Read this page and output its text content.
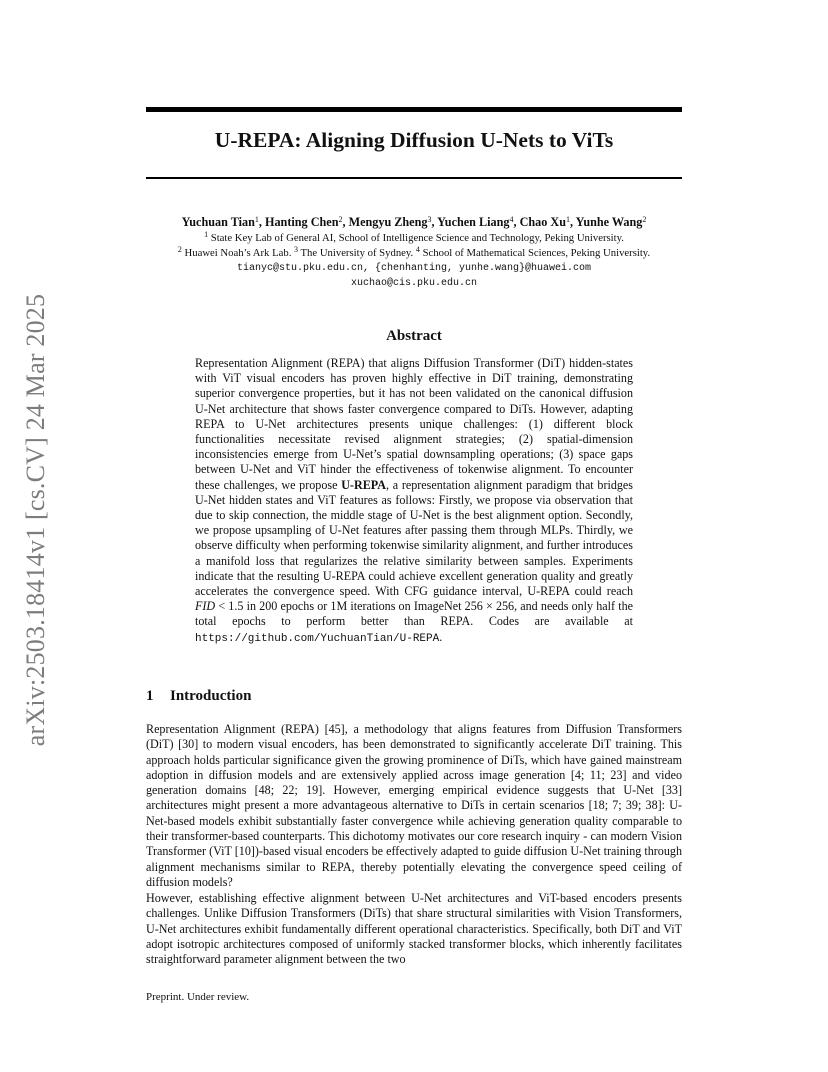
arXiv:2503.18414v1 [cs.CV] 24 Mar 2025
U-REPA: Aligning Diffusion U-Nets to ViTs
Yuchuan Tian$^1$, Hanting Chen$^2$, Mengyu Zheng$^3$, Yuchen Liang$^4$, Chao Xu$^1$, Yunhe Wang$^2$
$^1$ State Key Lab of General AI, School of Intelligence Science and Technology, Peking University.
$^2$ Huawei Noah’s Ark Lab. $^3$ The University of Sydney. $^4$ School of Mathematical Sciences, Peking University.
tianyc@stu.pku.edu.cn, {chenhanting, yunhe.wang}@huawei.com
xuchao@cis.pku.edu.cn
Abstract
Representation Alignment (REPA) that aligns Diffusion Transformer (DiT) hidden-states with ViT visual encoders has proven highly effective in DiT training, demonstrating superior convergence properties, but it has not been validated on the canonical diffusion U-Net architecture that shows faster convergence compared to DiTs. However, adapting REPA to U-Net architectures presents unique challenges: (1) different block functionalities necessitate revised alignment strategies; (2) spatial-dimension inconsistencies emerge from U-Net’s spatial downsampling operations; (3) space gaps between U-Net and ViT hinder the effectiveness of tokenwise alignment. To encounter these challenges, we propose U-REPA, a representation alignment paradigm that bridges U-Net hidden states and ViT features as follows: Firstly, we propose via observation that due to skip connection, the middle stage of U-Net is the best alignment option. Secondly, we propose upsampling of U-Net features after passing them through MLPs. Thirdly, we observe difficulty when performing tokenwise similarity alignment, and further introduces a manifold loss that regularizes the relative similarity between samples. Experiments indicate that the resulting U-REPA could achieve excellent generation quality and greatly accelerates the convergence speed. With CFG guidance interval, U-REPA could reach FID < 1.5 in 200 epochs or 1M iterations on ImageNet 256 × 256, and needs only half the total epochs to perform better than REPA. Codes are available at https://github.com/YuchuanTian/U-REPA.
1 Introduction
Representation Alignment (REPA) [45], a methodology that aligns features from Diffusion Transformers (DiT) [30] to modern visual encoders, has been demonstrated to significantly accelerate DiT training. This approach holds particular significance given the growing prominence of DiTs, which have gained mainstream adoption in diffusion models and are extensively applied across image generation [4; 11; 23] and video generation domains [48; 22; 19]. However, emerging empirical evidence suggests that U-Net [33] architectures might present a more advantageous alternative to DiTs in certain scenarios [18; 7; 39; 38]: U-Net-based models exhibit substantially faster convergence while achieving generation quality comparable to their transformer-based counterparts. This dichotomy motivates our core research inquiry - can modern Vision Transformer (ViT [10])-based visual encoders be effectively adapted to guide diffusion U-Net training through alignment mechanisms similar to REPA, thereby potentially elevating the convergence speed ceiling of diffusion models?
However, establishing effective alignment between U-Net architectures and ViT-based encoders presents challenges. Unlike Diffusion Transformers (DiTs) that share structural similarities with Vision Transformers, U-Net architectures exhibit fundamentally different operational characteristics. Specifically, both DiT and ViT adopt isotropic architectures composed of uniformly stacked transformer blocks, which inherently facilitates straightforward parameter alignment between the two
Preprint. Under review.
